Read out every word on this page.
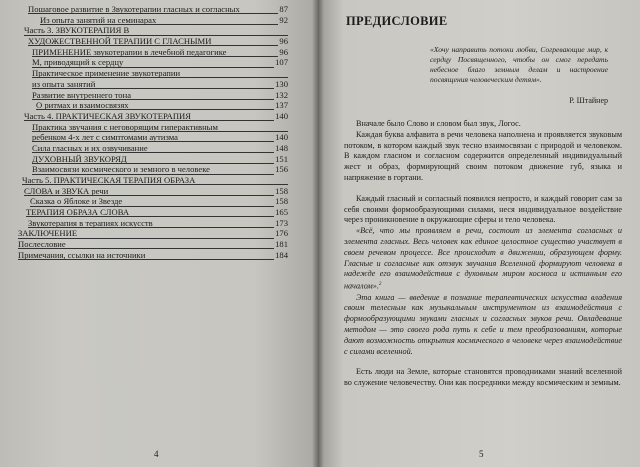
Пошаговое развитие в Звукотерапии гласных и согласных	87
Из опыта занятий на семинарах	92
Часть 3. ЗВУКОТЕРАПИЯ В
ХУДОЖЕСТВЕННОЙ ТЕРАПИИ С ГЛАСНЫМИ	96
ПРИМЕНЕНИЕ звукотерапии в лечебной педагогике	96
М, приводящий к сердцу	107
Практическое применение звукотерапии
из опыта занятий	130
Развитие внутреннего тона	132
О ритмах и взаимосвязях	137
Часть 4. ПРАКТИЧЕСКАЯ ЗВУКОТЕРАПИЯ	140
Практика звучания с неговорящим гиперактивным
ребенком 4-х лет с симптомами аутизма	140
Сила гласных и их озвучивание	148
ДУХОВНЫЙ ЗВУКОРЯД	151
Взаимосвязи космического и земного в человеке	156
Часть 5. ПРАКТИЧЕСКАЯ ТЕРАПИЯ ОБРАЗА
СЛОВА и ЗВУКА речи	158
Сказка о Яблоке и Звезде	158
ТЕРАПИЯ ОБРАЗА СЛОВА	165
Звукотерапия в терапиях искусств	173
ЗАКЛЮЧЕНИЕ	176
Послесловие	181
Примечания, ссылки на источники	184
4
ПРЕДИСЛОВИЕ
«Хочу направить потоки любви, Согревающие мир, к сердцу Посвященного, чтобы он смог передать небесное благо земным делам и настроение посвящения человеческим детям».
Р. Штайнер

Вначале было Слово и словом был звук, Логос.

Каждая буква алфавита в речи человека наполнена и проявляется звуковым потоком, в котором каждый звук тесно взаимосвязан с природой и человеком. В каждом гласном и согласном содержится определенный индивидуальный жест и образ, формирующий своим потоком движение губ, языка и напряжение в гортани.

Каждый гласный и согласный появился непросто, и каждый говорит сам за себя своими формообразующими силами, неся индивидуальное воздействие через проникновение в окружающие сферы и тело человека.

«Всё, что мы проявляем в речи, состоит из элемента согласных и элемента гласных. Весь человек как единое целостное существо участвует в своем речевом процессе. Все происходит в движении, образующем форму. Гласные и согласные как отзвук звучания Вселенной формируют человека в надежде его взаимодействия с духовным миром космоса и истинным его началом».$^2$

Эта книга — введение в познание терапевтических искусства владения своим телесным как музыкальным инструментом из взаимодействия с формообразующими звуками гласных и согласных звуков речи. Овладевание методом — это своего рода путь к себе и тем преобразованиям, которые дают возможность открытия космического в человеке через взаимодействие с силами вселенной.

Есть люди на Земле, которые становятся проводниками знаний вселенной во служение человечеству. Они как посредники между космическим и земным.

5
